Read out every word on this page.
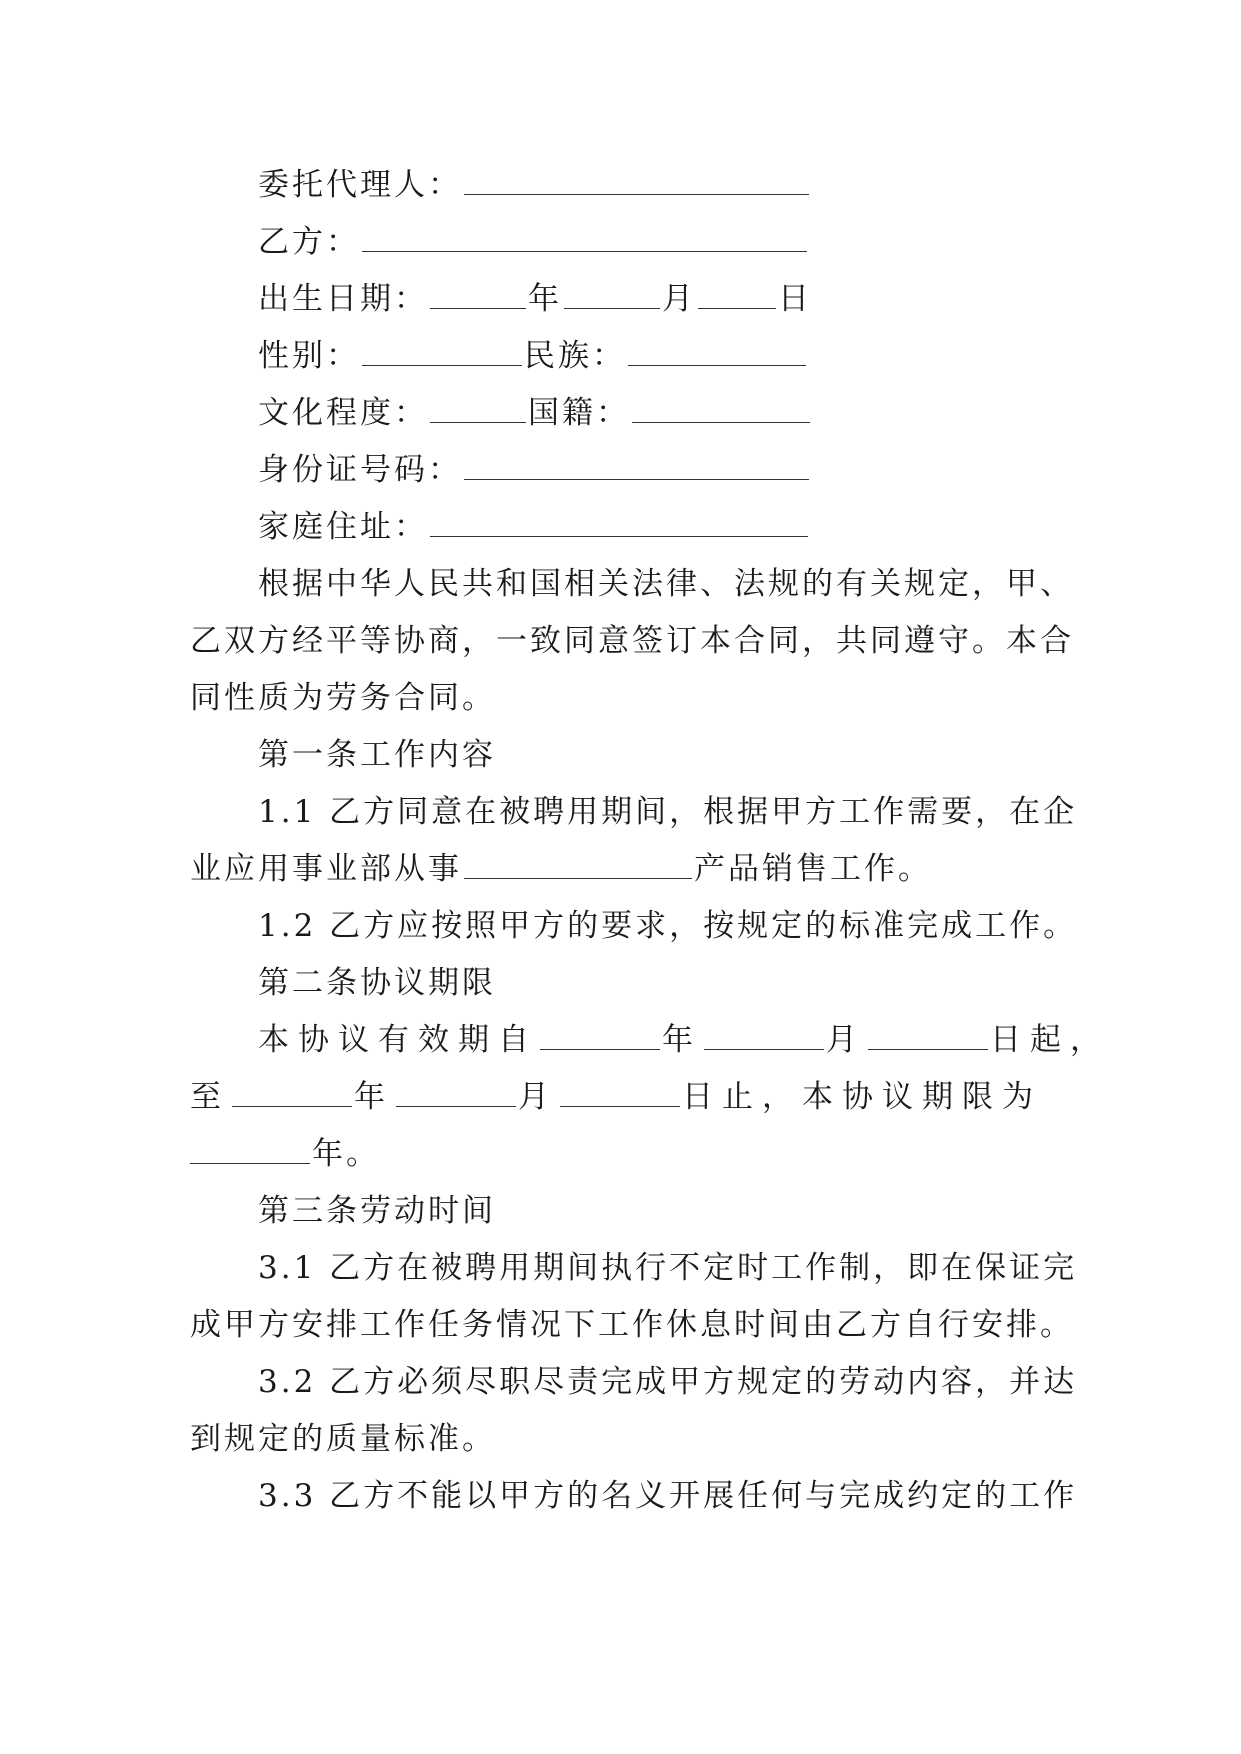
委托代理人：
乙方：
出生日期：	年	月	日
性别：	民族：
文化程度：	国籍：
身份证号码：
家庭住址：
根据中华人民共和国相关法律、法规的有关规定，甲、
乙双方经平等协商，一致同意签订本合同，共同遵守。本合
同性质为劳务合同。
第一条工作内容
1.1 乙方同意在被聘用期间，根据甲方工作需要，在企
业应用事业部从事	产品销售工作。
1.2 乙方应按照甲方的要求，按规定的标准完成工作。
第二条协议期限
本协议有效期自	年	月	日起，
至	年	月	日止，本协议期限为
年。
第三条劳动时间
3.1 乙方在被聘用期间执行不定时工作制，即在保证完
成甲方安排工作任务情况下工作休息时间由乙方自行安排。
3.2 乙方必须尽职尽责完成甲方规定的劳动内容，并达
到规定的质量标准。
3.3 乙方不能以甲方的名义开展任何与完成约定的工作
